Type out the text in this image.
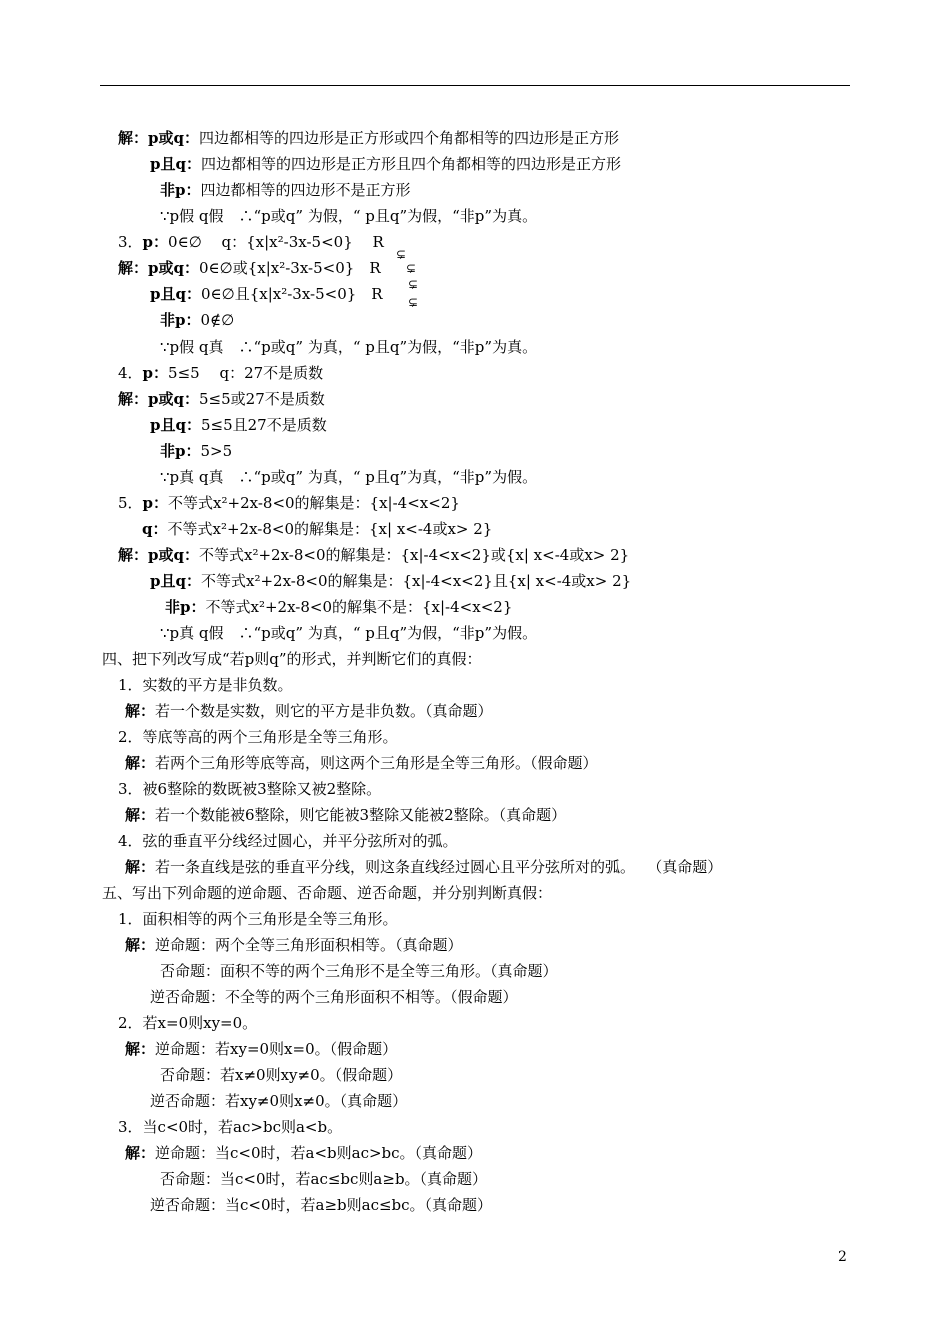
解：p或q：四边都相等的四边形是正方形或四个角都相等的四边形是正方形
p且q：四边都相等的四边形是正方形且四个角都相等的四边形是正方形
非p：四边都相等的四边形不是正方形
∵p假 q假　∴“p或q” 为假，“ p且q”为假，“非p”为真。
3．p：0∈∅　 q：{x|x²-3x-5<0}　 R
解：p或q：0∈∅或{x|x²-3x-5<0}　R
p且q：0∈∅且{x|x²-3x-5<0}　R
非p：0∉∅
∵p假 q真　∴“p或q” 为真，“ p且q”为假，“非p”为真。
4．p：5≤5　 q：27不是质数
解：p或q：5≤5或27不是质数
p且q：5≤5且27不是质数
非p：5>5
∵p真 q真　∴“p或q” 为真，“ p且q”为真，“非p”为假。
5．p：不等式x²+2x-8<0的解集是：{x|-4<x<2}
q：不等式x²+2x-8<0的解集是：{x| x<-4或x> 2}
解：p或q：不等式x²+2x-8<0的解集是：{x|-4<x<2}或{x| x<-4或x> 2}
p且q：不等式x²+2x-8<0的解集是：{x|-4<x<2}且{x| x<-4或x> 2}
非p：不等式x²+2x-8<0的解集不是：{x|-4<x<2}
∵p真 q假　∴“p或q” 为真，“ p且q”为假，“非p”为假。
四、把下列改写成“若p则q”的形式，并判断它们的真假：
1．实数的平方是非负数。
解：若一个数是实数，则它的平方是非负数。（真命题）
2．等底等高的两个三角形是全等三角形。
解：若两个三角形等底等高，则这两个三角形是全等三角形。（假命题）
3．被6整除的数既被3整除又被2整除。
解：若一个数能被6整除，则它能被3整除又能被2整除。（真命题）
4．弦的垂直平分线经过圆心，并平分弦所对的弧。
解：若一条直线是弦的垂直平分线，则这条直线经过圆心且平分弦所对的弧。　 （真命题）
五、写出下列命题的逆命题、否命题、逆否命题，并分别判断真假：
1．面积相等的两个三角形是全等三角形。
解：逆命题：两个全等三角形面积相等。（真命题）
否命题：面积不等的两个三角形不是全等三角形。（真命题）
逆否命题：不全等的两个三角形面积不相等。（假命题）
2．若x=0则xy=0。
解：逆命题：若xy=0则x=0。（假命题）
否命题：若x≠0则xy≠0。（假命题）
逆否命题：若xy≠0则x≠0。（真命题）
3．当c<0时，若ac>bc则a<b。
解：逆命题：当c<0时，若a<b则ac>bc。（真命题）
否命题：当c<0时，若ac≤bc则a≥b。（真命题）
逆否命题：当c<0时，若a≥b则ac≤bc。（真命题）
⊊
⊊
⊊
⊊
2
